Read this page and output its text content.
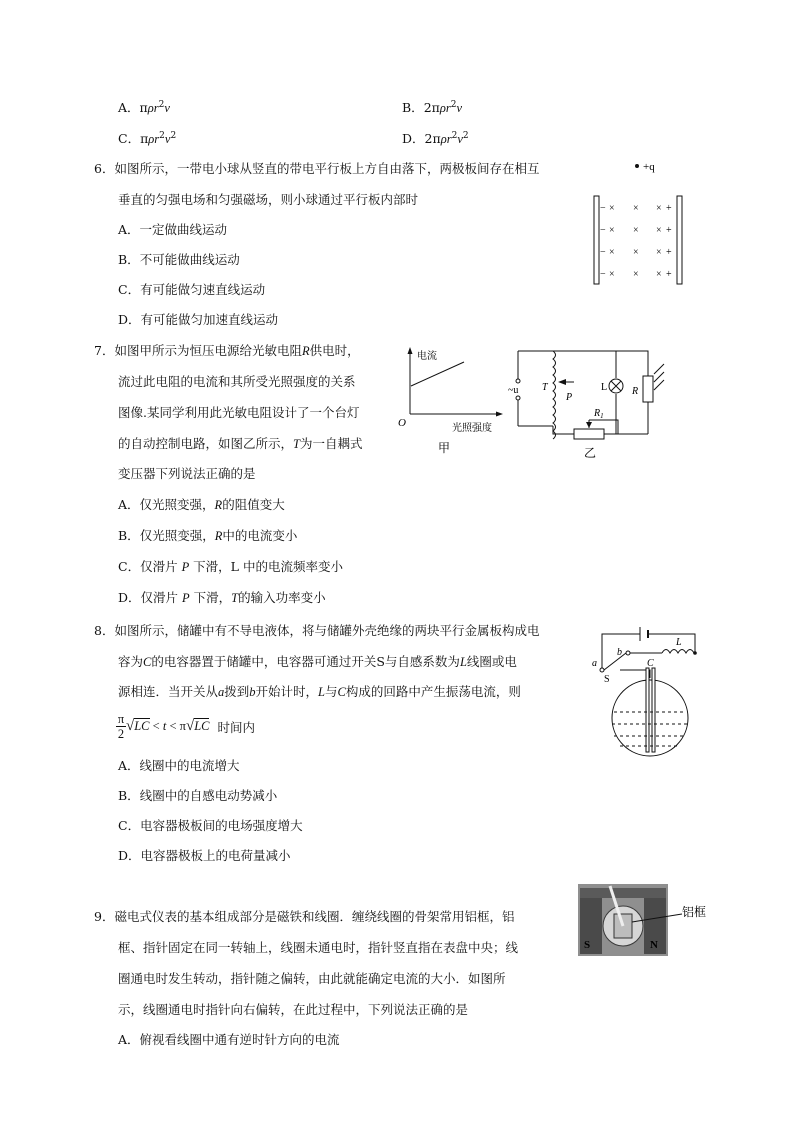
A．πρr$^2$v	B．2πρr$^2$v
C．$\pi\rho r^2v^2$	D．$2\pi\rho r^2v^2$
6．如图所示，一带电小球从竖直的带电平行板上方自由落下，两极板间存在相互
垂直的匀强电场和匀强磁场，则小球通过平行板内部时
A．一定做曲线运动
B．不可能做曲线运动
C．有可能做匀速直线运动
D．有可能做匀加速直线运动
+q
−
−
−
−
× × ×
× × ×
× × ×
× × ×
+
+
+
+
7．如图甲所示为恒压电源给光敏电阻R供电时，
流过此电阻的电流和其所受光照强度的关系
图像.某同学利用此光敏电阻设计了一个台灯
的自动控制电路，如图乙所示，T为一自耦式
变压器下列说法正确的是
A．仅光照变强，R的阻值变大
B．仅光照变强，R中的电流变小
C．仅滑片 P 下滑，L 中的电流频率变小
D．仅滑片 P 下滑，T的输入功率变小
电流
O	光照强度
甲
~u T
P
L R
$R_1$
乙
8．如图所示，储罐中有不导电液体，将与储罐外壳绝缘的两块平行金属板构成电
容为C的电容器置于储罐中，电容器可通过开关S与自感系数为L线圈或电
源相连．当开关从a拨到b开始计时，L与C构成的回路中产生振荡电流，则
$\frac{\pi}{2} √LC < t < \pi√LC$ 时间内
A．线圈中的电流增大
B．线圈中的自感电动势减小
C．电容器极板间的电场强度增大
D．电容器极板上的电荷量减小
a
b
L
C
S
9．磁电式仪表的基本组成部分是磁铁和线圈．缠绕线圈的骨架常用铝框，铝
框、指针固定在同一转轴上，线圈未通电时，指针竖直指在表盘中央；线
圈通电时发生转动，指针随之偏转，由此就能确定电流的大小．如图所
示，线圈通电时指针向右偏转，在此过程中，下列说法正确的是
A．俯视看线圈中通有逆时针方向的电流
S	N
铝框
